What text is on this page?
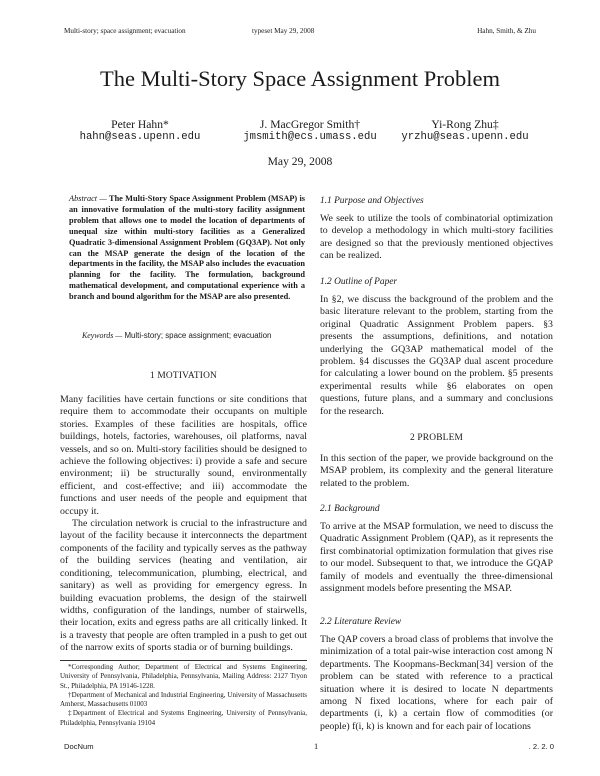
Multi-story; space assignment; evacuation	typeset May 29, 2008	Hahn, Smith, & Zhu
The Multi-Story Space Assignment Problem
Peter Hahn*
hahn@seas.upenn.edu
J. MacGregor Smith†
jmsmith@ecs.umass.edu
Yi-Rong Zhu‡
yrzhu@seas.upenn.edu
May 29, 2008
Abstract — The Multi-Story Space Assignment Problem (MSAP) is an innovative formulation of the multi-story facility assignment problem that allows one to model the location of departments of unequal size within multi-story facilities as a Generalized Quadratic 3-dimensional Assignment Problem (GQ3AP). Not only can the MSAP generate the design of the location of the departments in the facility, the MSAP also includes the evacuation planning for the facility. The formulation, background mathematical development, and computational experience with a branch and bound algorithm for the MSAP are also presented.
Keywords — Multi-story; space assignment; evacuation
1 MOTIVATION

Many facilities have certain functions or site conditions that require them to accommodate their occupants on multiple stories. Examples of these facilities are hospitals, office buildings, hotels, factories, warehouses, oil platforms, naval vessels, and so on. Multi-story facilities should be designed to achieve the following objectives: i) provide a safe and secure environment; ii) be structurally sound, environmentally efficient, and cost-effective; and iii) accommodate the functions and user needs of the people and equipment that occupy it.

The circulation network is crucial to the infrastructure and layout of the facility because it interconnects the department components of the facility and typically serves as the pathway of the building services (heating and ventilation, air conditioning, telecommunication, plumbing, electrical, and sanitary) as well as providing for emergency egress. In building evacuation problems, the design of the stairwell widths, configuration of the landings, number of stairwells, their location, exits and egress paths are all critically linked. It is a travesty that people are often trampled in a push to get out of the narrow exits of sports stadia or of burning buildings.

*Corresponding Author; Department of Electrical and Systems Engineering, University of Pennsylvania, Philadelphia, Pennsylvania, Mailing Address: 2127 Tryon St., Philadelphia, PA 19146-1228.
†Department of Mechanical and Industrial Engineering, University of Massachusetts Amherst, Massachusetts 01003
‡Department of Electrical and Systems Engineering, University of Pennsylvania, Philadelphia, Pennsylvania 19104
1.1 Purpose and Objectives
We seek to utilize the tools of combinatorial optimization to develop a methodology in which multi-story facilities are designed so that the previously mentioned objectives can be realized.
1.2 Outline of Paper
In §2, we discuss the background of the problem and the basic literature relevant to the problem, starting from the original Quadratic Assignment Problem papers. §3 presents the assumptions, definitions, and notation underlying the GQ3AP mathematical model of the problem. §4 discusses the GQ3AP dual ascent procedure for calculating a lower bound on the problem. §5 presents experimental results while §6 elaborates on open questions, future plans, and a summary and conclusions for the research.
2 PROBLEM
In this section of the paper, we provide background on the MSAP problem, its complexity and the general literature related to the problem.
2.1 Background
To arrive at the MSAP formulation, we need to discuss the Quadratic Assignment Problem (QAP), as it represents the first combinatorial optimization formulation that gives rise to our model. Subsequent to that, we introduce the GQAP family of models and eventually the three-dimensional assignment models before presenting the MSAP.
2.2 Literature Review
The QAP covers a broad class of problems that involve the minimization of a total pair-wise interaction cost among N departments. The Koopmans-Beckman[34] version of the problem can be stated with reference to a practical situation where it is desired to locate N departments among N fixed locations, where for each pair of departments (i, k) a certain flow of commodities (or people) f(i, k) is known and for each pair of locations
DocNum	1	. 2. 2. 0
